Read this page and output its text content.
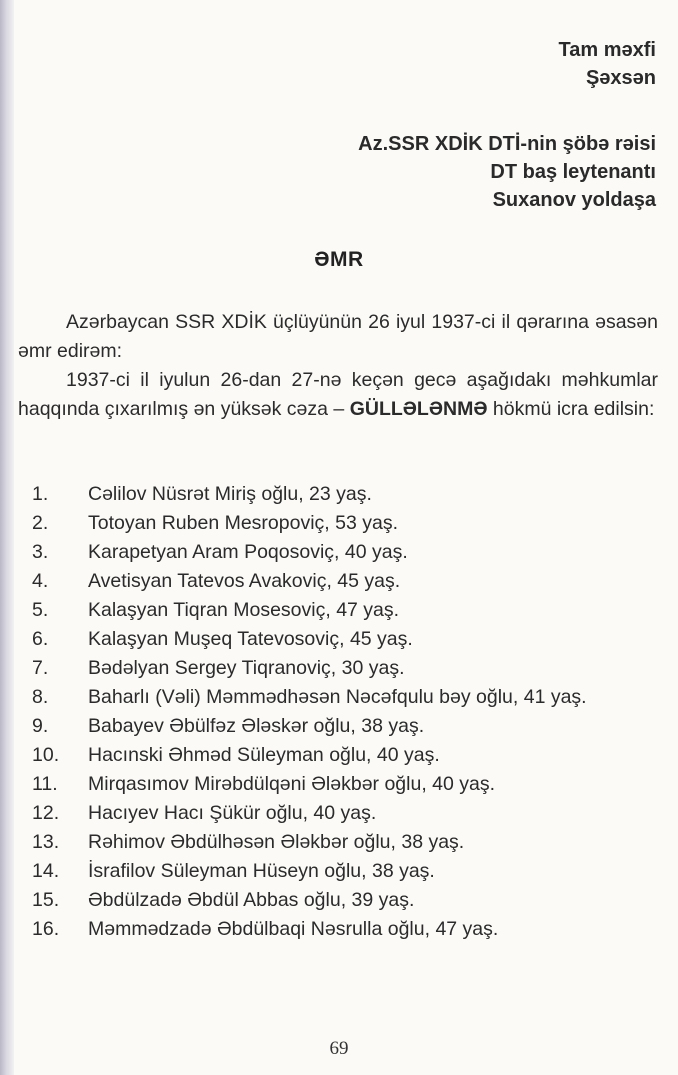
Tam məxfi
Şəxsən
Az.SSR XDİK DTİ-nin şöbə rəisi
DT baş leytenantı
Suxanov yoldaşa
ƏMR

Azərbaycan SSR XDİK üçlüyünün 26 iyul 1937-ci il qərarına əsasən əmr edirəm:

1937-ci il iyulun 26-dan 27-nə keçən gecə aşağıdakı məhkumlar haqqında çıxarılmış ən yüksək cəza – GÜLLƏLƏNMƏ hökmü icra edilsin:

1.	Cəlilov Nüsrət Miriş oğlu, 23 yaş.
2.	Totoyan Ruben Mesropoviç, 53 yaş.
3.	Karapetyan Aram Poqosoviç, 40 yaş.
4.	Avetisyan Tatevos Avakoviç, 45 yaş.
5.	Kalaşyan Tiqran Mosesoviç, 47 yaş.
6.	Kalaşyan Muşeq Tatevosoviç, 45 yaş.
7.	Bədəlyan Sergey Tiqranoviç, 30 yaş.
8.	Baharlı (Vəli) Məmmədhəsən Nəcəfqulu bəy oğlu, 41 yaş.
9.	Babayev Əbülfəz Ələskər oğlu, 38 yaş.
10.	Hacınski Əhməd Süleyman oğlu, 40 yaş.
11.	Mirqasımov Mirəbdülqəni Ələkbər oğlu, 40 yaş.
12.	Hacıyev Hacı Şükür oğlu, 40 yaş.
13.	Rəhimov Əbdülhəsən Ələkbər oğlu, 38 yaş.
14.	İsrafilov Süleyman Hüseyn oğlu, 38 yaş.
15.	Əbdülzadə Əbdül Abbas oğlu, 39 yaş.
16.	Məmmədzadə Əbdülbaqi Nəsrulla oğlu, 47 yaş.
69
